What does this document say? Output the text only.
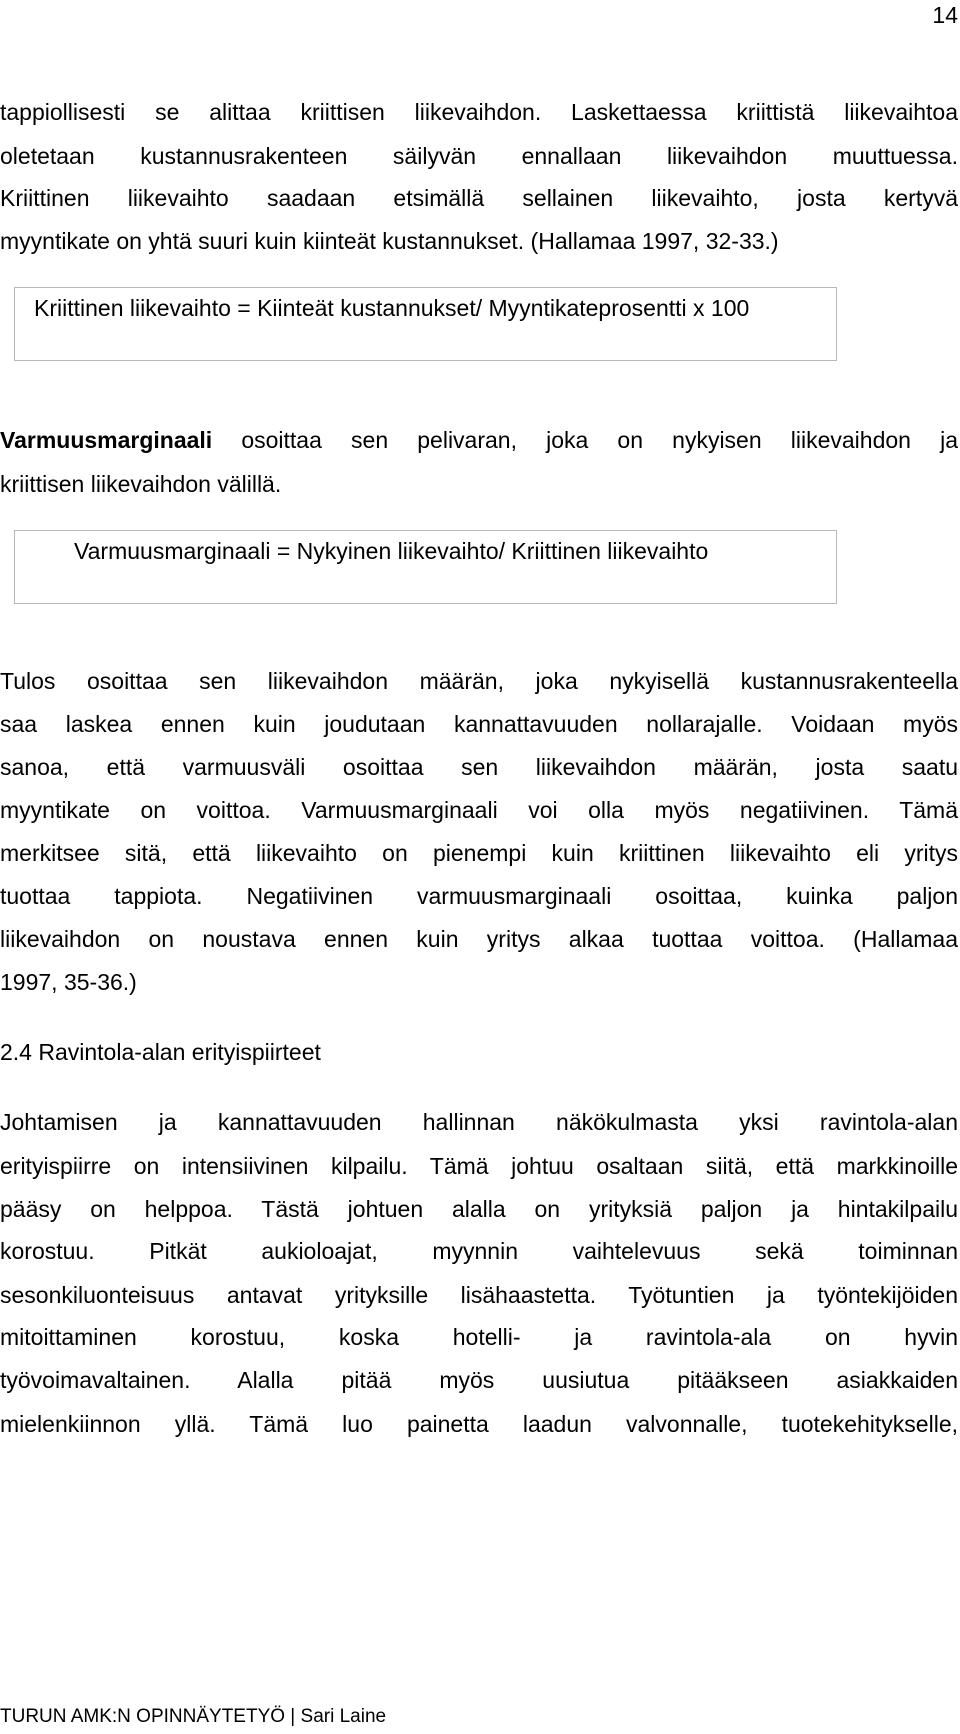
14
tappiollisesti se alittaa kriittisen liikevaihdon. Laskettaessa kriittistä liikevaihtoa
oletetaan kustannusrakenteen säilyvän ennallaan liikevaihdon muuttuessa.
Kriittinen liikevaihto saadaan etsimällä sellainen liikevaihto, josta kertyvä
myyntikate on yhtä suuri kuin kiinteät kustannukset. (Hallamaa 1997, 32-33.)
Kriittinen liikevaihto = Kiinteät kustannukset/ Myyntikateprosentti x 100
Varmuusmarginaali osoittaa sen pelivaran, joka on nykyisen liikevaihdon ja
kriittisen liikevaihdon välillä.
Varmuusmarginaali = Nykyinen liikevaihto/ Kriittinen liikevaihto
Tulos osoittaa sen liikevaihdon määrän, joka nykyisellä kustannusrakenteella
saa laskea ennen kuin joudutaan kannattavuuden nollarajalle. Voidaan myös
sanoa, että varmuusväli osoittaa sen liikevaihdon määrän, josta saatu
myyntikate on voittoa. Varmuusmarginaali voi olla myös negatiivinen. Tämä
merkitsee sitä, että liikevaihto on pienempi kuin kriittinen liikevaihto eli yritys
tuottaa tappiota. Negatiivinen varmuusmarginaali osoittaa, kuinka paljon
liikevaihdon on noustava ennen kuin yritys alkaa tuottaa voittoa. (Hallamaa
1997, 35-36.)
2.4 Ravintola-alan erityispiirteet
Johtamisen ja kannattavuuden hallinnan näkökulmasta yksi ravintola-alan
erityispiirre on intensiivinen kilpailu. Tämä johtuu osaltaan siitä, että markkinoille
pääsy on helppoa. Tästä johtuen alalla on yrityksiä paljon ja hintakilpailu
korostuu. Pitkät aukioloajat, myynnin vaihtelevuus sekä toiminnan
sesonkiluonteisuus antavat yrityksille lisähaastetta. Työtuntien ja työntekijöiden
mitoittaminen korostuu, koska hotelli- ja ravintola-ala on hyvin
työvoimavaltainen. Alalla pitää myös uusiutua pitääkseen asiakkaiden
mielenkiinnon yllä. Tämä luo painetta laadun valvonnalle, tuotekehitykselle,
TURUN AMK:N OPINNÄYTETYÖ | Sari Laine
